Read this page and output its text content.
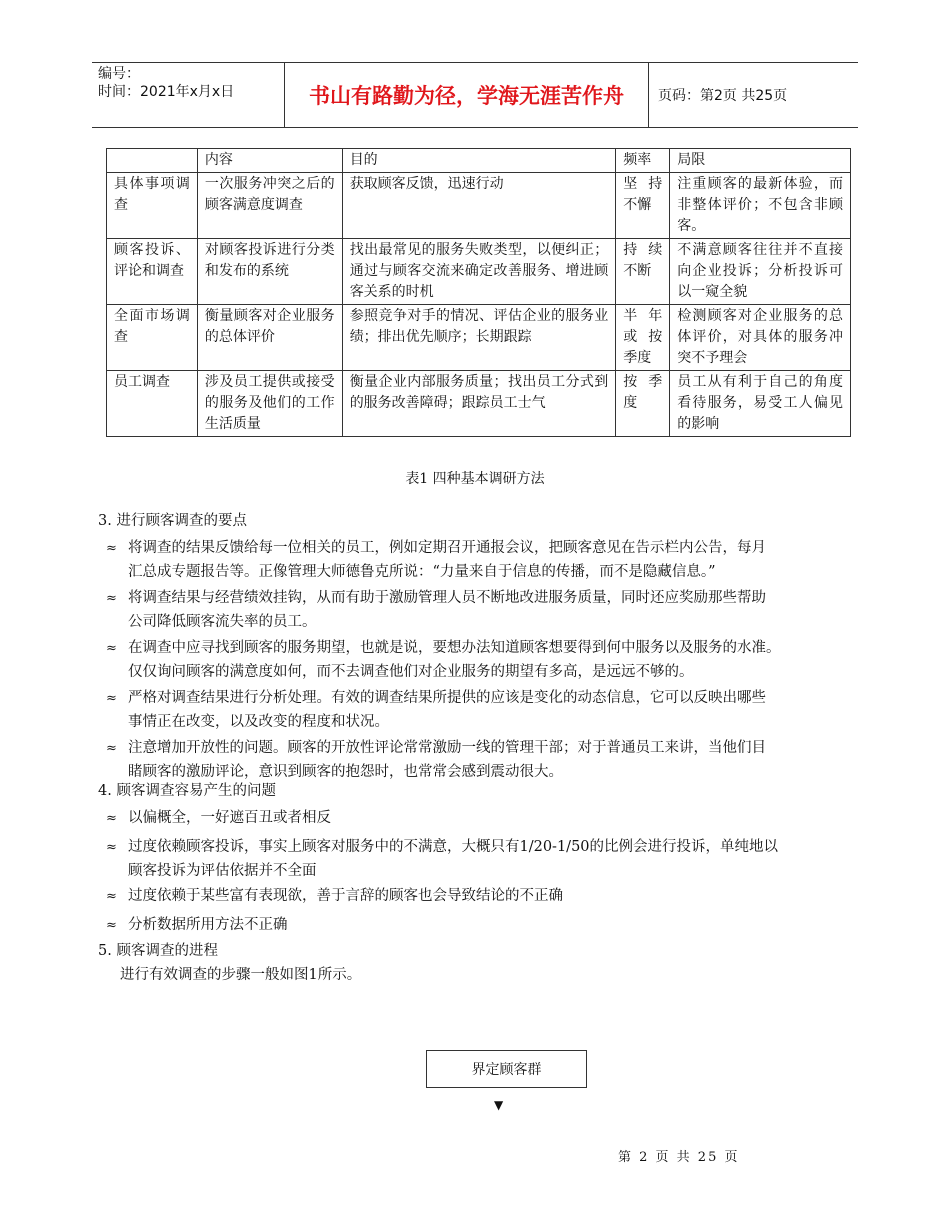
编号：
时间：2021年x月x日	书山有路勤为径，学海无涯苦作舟	页码：第2页 共25页
	内容	目的	频率	局限
具体事项调查	一次服务冲突之后的顾客满意度调查	获取顾客反馈，迅速行动	坚持不懈	注重顾客的最新体验，而非整体评价；不包含非顾客。
顾客投诉、评论和调查	对顾客投诉进行分类和发布的系统	找出最常见的服务失败类型，以便纠正；通过与顾客交流来确定改善服务、增进顾客关系的时机	持续不断	不满意顾客往往并不直接向企业投诉；分析投诉可以一窥全貌
全面市场调查	衡量顾客对企业服务的总体评价	参照竞争对手的情况、评估企业的服务业绩；排出优先顺序；长期跟踪	半年或按季度	检测顾客对企业服务的总体评价，对具体的服务冲突不予理会
员工调查	涉及员工提供或接受的服务及他们的工作生活质量	衡量企业内部服务质量；找出员工分式到的服务改善障碍；跟踪员工士气	按季度	员工从有利于自己的角度看待服务，易受工人偏见的影响
表1 四种基本调研方法
3. 进行顾客调查的要点
≈ 将调查的结果反馈给每一位相关的员工，例如定期召开通报会议，把顾客意见在告示栏内公告，每月
汇总成专题报告等。正像管理大师德鲁克所说：“力量来自于信息的传播，而不是隐藏信息。”
≈ 将调查结果与经营绩效挂钩，从而有助于激励管理人员不断地改进服务质量，同时还应奖励那些帮助
公司降低顾客流失率的员工。
≈ 在调查中应寻找到顾客的服务期望，也就是说，要想办法知道顾客想要得到何中服务以及服务的水准。
仅仅询问顾客的满意度如何，而不去调查他们对企业服务的期望有多高，是远远不够的。
≈ 严格对调查结果进行分析处理。有效的调查结果所提供的应该是变化的动态信息，它可以反映出哪些
事情正在改变，以及改变的程度和状况。
≈ 注意增加开放性的问题。顾客的开放性评论常常激励一线的管理干部；对于普通员工来讲，当他们目
睹顾客的激励评论，意识到顾客的抱怨时，也常常会感到震动很大。
4. 顾客调查容易产生的问题
≈ 以偏概全，一好遮百丑或者相反
≈ 过度依赖顾客投诉，事实上顾客对服务中的不满意，大概只有1/20-1/50的比例会进行投诉，单纯地以
顾客投诉为评估依据并不全面
≈ 过度依赖于某些富有表现欲，善于言辞的顾客也会导致结论的不正确
≈ 分析数据所用方法不正确
5. 顾客调查的进程
进行有效调查的步骤一般如图1所示。
界定顾客群
▼
第 2 页 共 25 页
